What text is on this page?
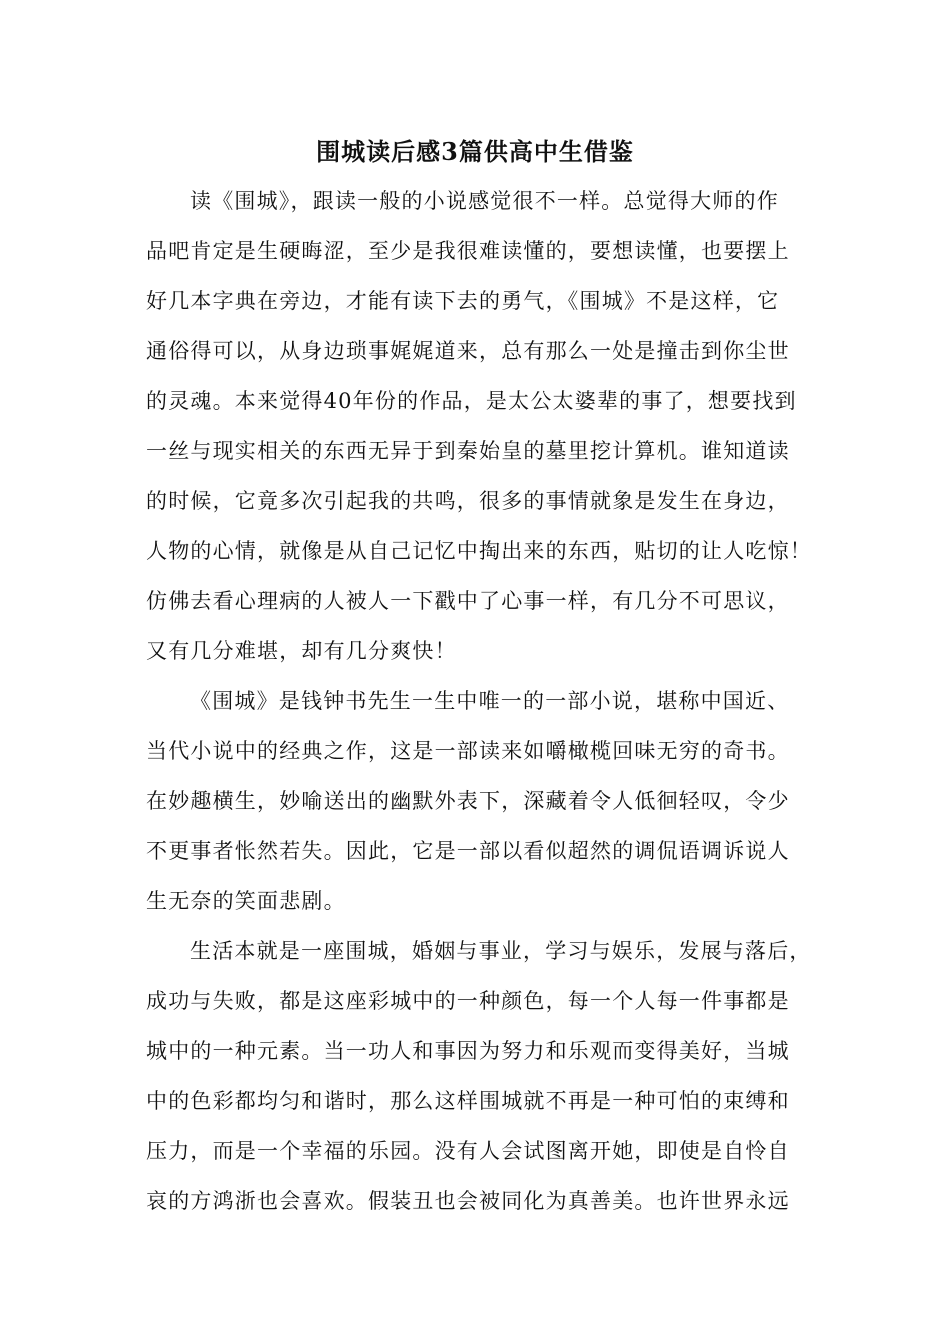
围城读后感3篇供高中生借鉴
读《围城》，跟读一般的小说感觉很不一样。总觉得大师的作
品吧肯定是生硬晦涩，至少是我很难读懂的，要想读懂，也要摆上
好几本字典在旁边，才能有读下去的勇气，《围城》不是这样，它
通俗得可以，从身边琐事娓娓道来，总有那么一处是撞击到你尘世
的灵魂。本来觉得40年份的作品，是太公太婆辈的事了，想要找到
一丝与现实相关的东西无异于到秦始皇的墓里挖计算机。谁知道读
的时候，它竟多次引起我的共鸣，很多的事情就象是发生在身边，
人物的心情，就像是从自己记忆中掏出来的东西，贴切的让人吃惊！
仿佛去看心理病的人被人一下戳中了心事一样，有几分不可思议，
又有几分难堪，却有几分爽快！
《围城》是钱钟书先生一生中唯一的一部小说，堪称中国近、
当代小说中的经典之作，这是一部读来如嚼橄榄回味无穷的奇书。
在妙趣横生，妙喻送出的幽默外表下，深藏着令人低徊轻叹，令少
不更事者怅然若失。因此，它是一部以看似超然的调侃语调诉说人
生无奈的笑面悲剧。
生活本就是一座围城，婚姻与事业，学习与娱乐，发展与落后，
成功与失败，都是这座彩城中的一种颜色，每一个人每一件事都是
城中的一种元素。当一功人和事因为努力和乐观而变得美好，当城
中的色彩都均匀和谐时，那么这样围城就不再是一种可怕的束缚和
压力，而是一个幸福的乐园。没有人会试图离开她，即使是自怜自
哀的方鸿浙也会喜欢。假装丑也会被同化为真善美。也许世界永远
